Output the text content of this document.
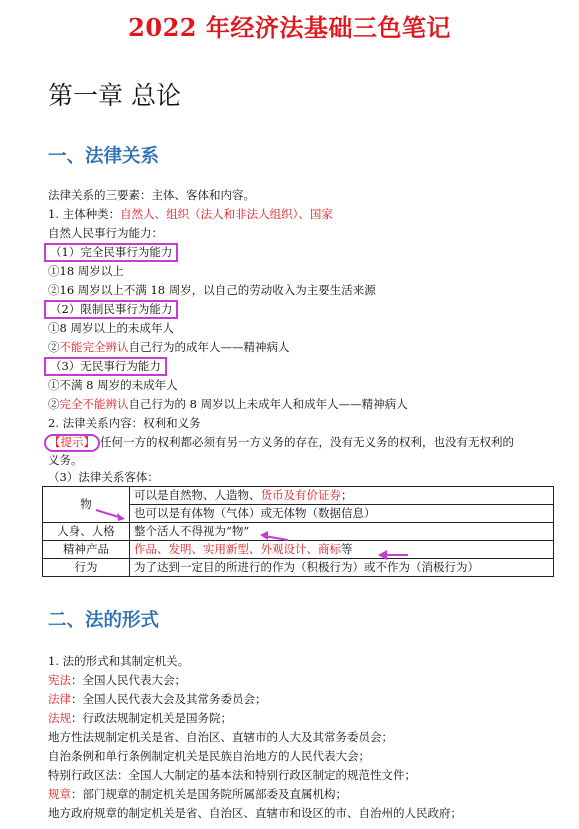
2022 年经济法基础三色笔记
第一章 总论
一、法律关系
法律关系的三要素：主体、客体和内容。
1. 主体种类：自然人、组织（法人和非法人组织）、国家
自然人民事行为能力：
（1）完全民事行为能力
①18 周岁以上
②16 周岁以上不满 18 周岁，以自己的劳动收入为主要生活来源
（2）限制民事行为能力
①8 周岁以上的未成年人
②不能完全辨认自己行为的成年人——精神病人
（3）无民事行为能力
①不满 8 周岁的未成年人
②完全不能辨认自己行为的 8 周岁以上未成年人和成年人——精神病人
2. 法律关系内容：权利和义务
【提示】 任何一方的权利都必须有另一方义务的存在，没有无义务的权利，也没有无权利的
义务。
（3）法律关系客体：
物	可以是自然物、人造物、货币及有价证券；
	也可以是有体物（气体）或无体物（数据信息）
人身、人格	整个活人不得视为“物”
精神产品	作品、发明、实用新型、外观设计、商标等
行为	为了达到一定目的所进行的作为（积极行为）或不作为（消极行为）
二、法的形式
1. 法的形式和其制定机关。
宪法：全国人民代表大会；
法律：全国人民代表大会及其常务委员会；
法规：行政法规制定机关是国务院；
地方性法规制定机关是省、自治区、直辖市的人大及其常务委员会；
自治条例和单行条例制定机关是民族自治地方的人民代表大会；
特别行政区法：全国人大制定的基本法和特别行政区制定的规范性文件；
规章：部门规章的制定机关是国务院所属部委及直属机构；
地方政府规章的制定机关是省、自治区、直辖市和设区的市、自治州的人民政府；
